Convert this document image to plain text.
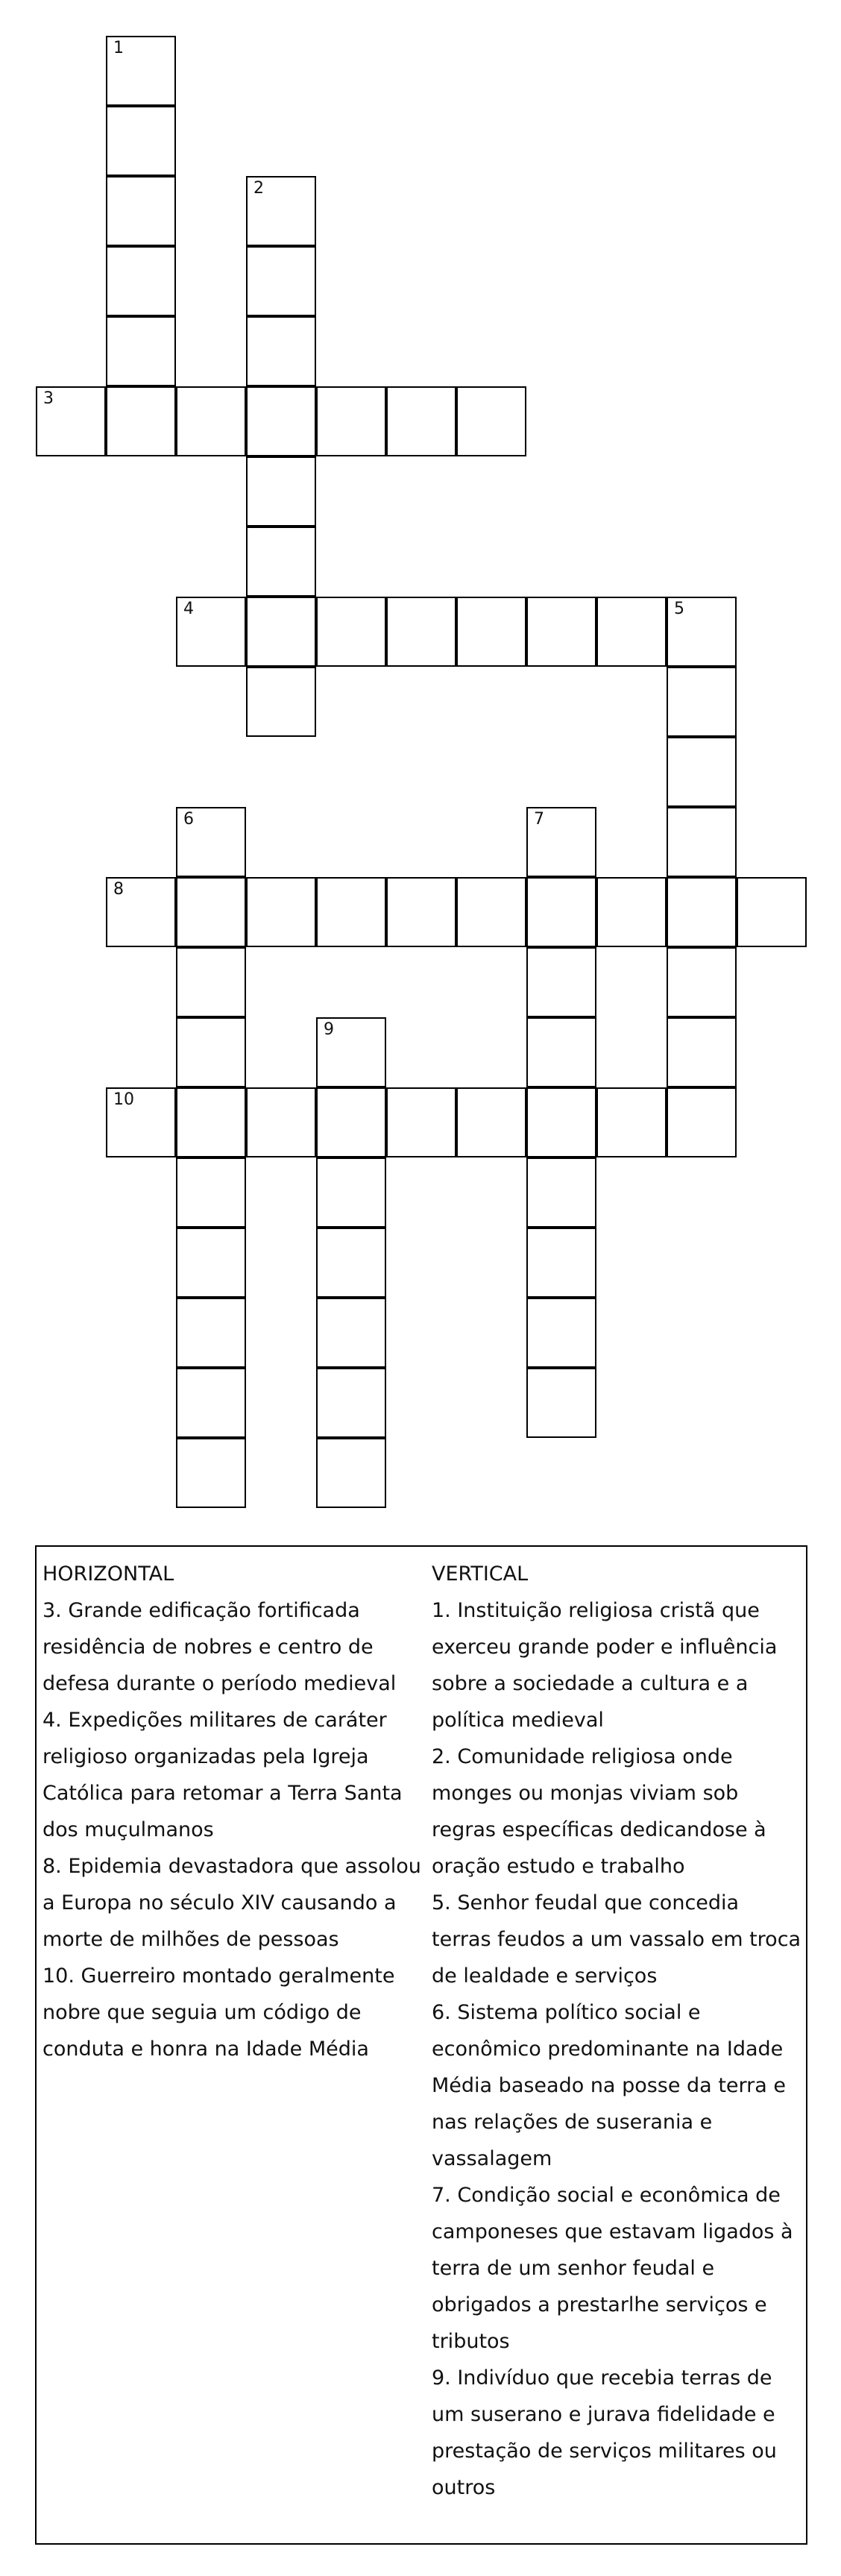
1
2
3
4	5
6	7
8
9
10
HORIZONTAL
3. Grande edificação fortificada residência de nobres e centro de defesa durante o período medieval
4. Expedições militares de caráter religioso organizadas pela Igreja Católica para retomar a Terra Santa dos muçulmanos
8. Epidemia devastadora que assolou a Europa no século XIV causando a morte de milhões de pessoas
10. Guerreiro montado geralmente nobre que seguia um código de conduta e honra na Idade Média
VERTICAL
1. Instituição religiosa cristã que exerceu grande poder e influência sobre a sociedade a cultura e a política medieval
2. Comunidade religiosa onde monges ou monjas viviam sob regras específicas dedicandose à oração estudo e trabalho
5. Senhor feudal que concedia terras feudos a um vassalo em troca de lealdade e serviços
6. Sistema político social e econômico predominante na Idade Média baseado na posse da terra e nas relações de suserania e vassalagem
7. Condição social e econômica de camponeses que estavam ligados à terra de um senhor feudal e obrigados a prestarlhe serviços e tributos
9. Indivíduo que recebia terras de um suserano e jurava fidelidade e prestação de serviços militares ou outros
